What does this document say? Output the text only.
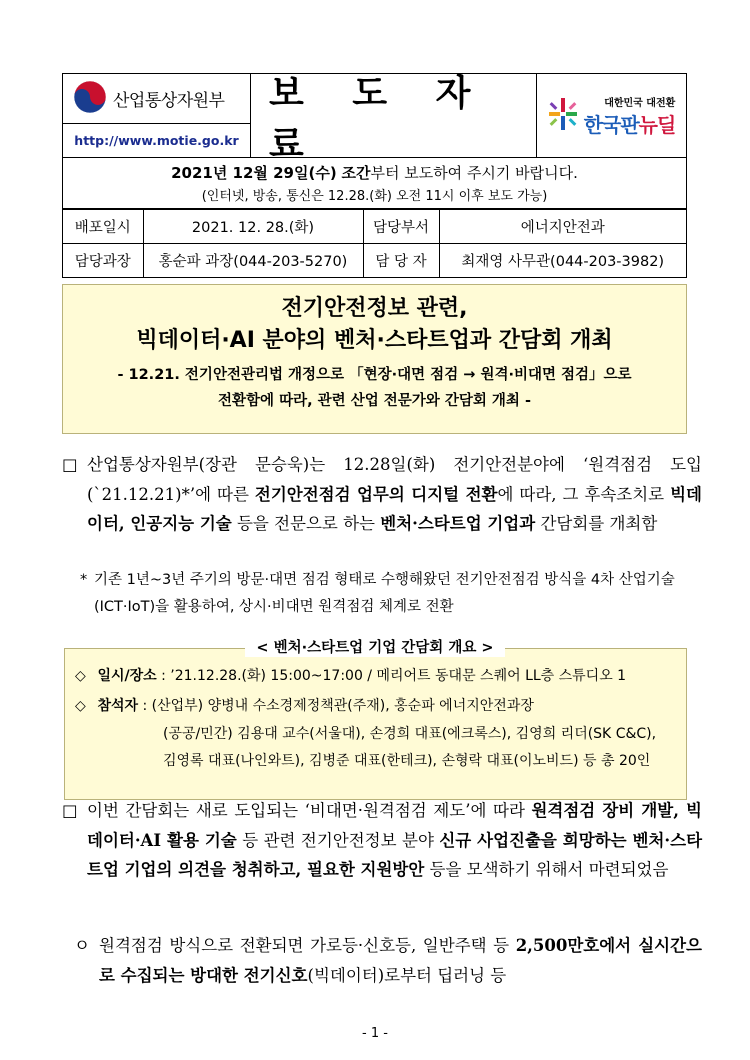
산업통상자원부
http://www.motie.go.kr
보 도 자 료
대한민국 대전환
한국판뉴딜
2021년 12월 29일(수) 조간부터 보도하여 주시기 바랍니다.
(인터넷, 방송, 통신은 12.28.(화) 오전 11시 이후 보도 가능)
배포일시	2021. 12. 28.(화)	담당부서	에너지안전과
담당과장	홍순파 과장(044-203-5270)	담 당 자	최재영 사무관(044-203-3982)
전기안전정보 관련,
빅데이터·AI 분야의 벤처·스타트업과 간담회 개최
- 12.21. 전기안전관리법 개정으로 「현장·대면 점검 → 원격·비대면 점검」으로
전환함에 따라, 관련 산업 전문가와 간담회 개최 -
□ 산업통상자원부(장관 문승욱)는 12.28일(화) 전기안전분야에 ‘원격점검 도입(`21.12.21)*’에 따른 전기안전점검 업무의 디지털 전환에 따라, 그 후속조치로 빅데이터, 인공지능 기술 등을 전문으로 하는 벤처·스타트업 기업과 간담회를 개최함
* 기존 1년~3년 주기의 방문·대면 점검 형태로 수행해왔던 전기안전점검 방식을 4차 산업기술(ICT·IoT)을 활용하여, 상시·비대면 원격점검 체계로 전환
< 벤처·스타트업 기업 간담회 개요 >
◇ 일시/장소 : ’21.12.28.(화) 15:00~17:00 / 메리어트 동대문 스퀘어 LL층 스튜디오 1
◇ 참석자 : (산업부) 양병내 수소경제정책관(주재), 홍순파 에너지안전과장
(공공/민간) 김용대 교수(서울대), 손경희 대표(에크록스), 김영희 리더(SK C&C),
김영록 대표(나인와트), 김병준 대표(한테크), 손형락 대표(이노비드) 등 총 20인
□ 이번 간담회는 새로 도입되는 ‘비대면·원격점검 제도’에 따라 원격점검 장비 개발, 빅데이터·AI 활용 기술 등 관련 전기안전정보 분야 신규 사업진출을 희망하는 벤처·스타트업 기업의 의견을 청취하고, 필요한 지원방안 등을 모색하기 위해서 마련되었음
ㅇ 원격점검 방식으로 전환되면 가로등·신호등, 일반주택 등 2,500만호에서 실시간으로 수집되는 방대한 전기신호(빅데이터)로부터 딥러닝 등
- 1 -
